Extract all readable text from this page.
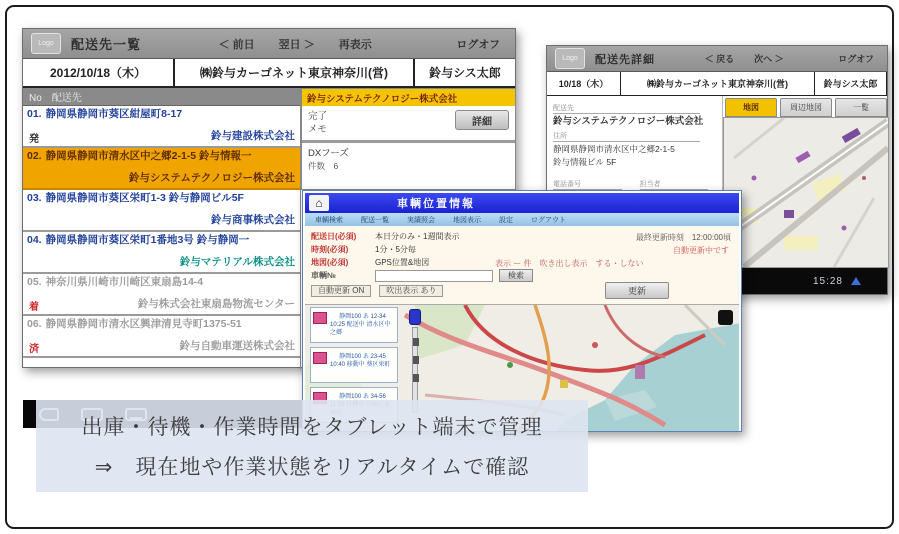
Logo	配送先一覧	＜ 前日	翌日 ＞	再表示	ログオフ
2012/10/18（木）	㈱鈴与カーゴネット東京神奈川(営)	鈴与シス太郎
No　配送先
01. 静岡県静岡市葵区紺屋町8-17
発	鈴与建設株式会社
02. 静岡県静岡市清水区中之郷2-1-5 鈴与情報一
鈴与システムテクノロジー株式会社
03. 静岡県静岡市葵区栄町1-3 鈴与静岡ビル5F
鈴与商事株式会社
04. 静岡県静岡市葵区栄町1番地3号 鈴与静岡一
鈴与マテリアル株式会社
05. 神奈川県川崎市川崎区東扇島14-4
着	鈴与株式会社東扇島物流センター
06. 静岡県静岡市清水区興津清見寺町1375-51
済	鈴与自動車運送株式会社
鈴与システムテクノロジー株式会社
完了
メモ
詳細
DXフーズ
件数　6
Logo	配送先詳細	＜ 戻る	次へ ＞	ログオフ
10/18（木）	㈱鈴与カーゴネット東京神奈川(営)	鈴与シス太郎
配送先
鈴与システムテクノロジー株式会社
住所
静岡県静岡市清水区中之郷2-1-5
鈴与情報ビル 5F
電話番号	担当者
地図	周辺地図	一覧
15:28
⌂	車輌位置情報
車輌検索	配送一覧	実績照会	地図表示	設定	ログアウト
配送日(必須)	本日分のみ・1週間表示
時刻(必須)	1分・5分毎
地図(必須)	GPS位置&地図
車輌№	検索
自動更新 ON	吹出表示 あり
最終更新時刻　12:00:00頃
自動更新中です
表示 ー 件　吹き出し表示　する・しない
更新
静岡100 あ 12-34
10:25 配送中 清水区中之郷
静岡100 あ 23-45
10:40 移動中 葵区栄町
静岡100 あ 34-56
出庫・待機・作業時間をタブレット端末で管理
⇒　現在地や作業状態をリアルタイムで確認
